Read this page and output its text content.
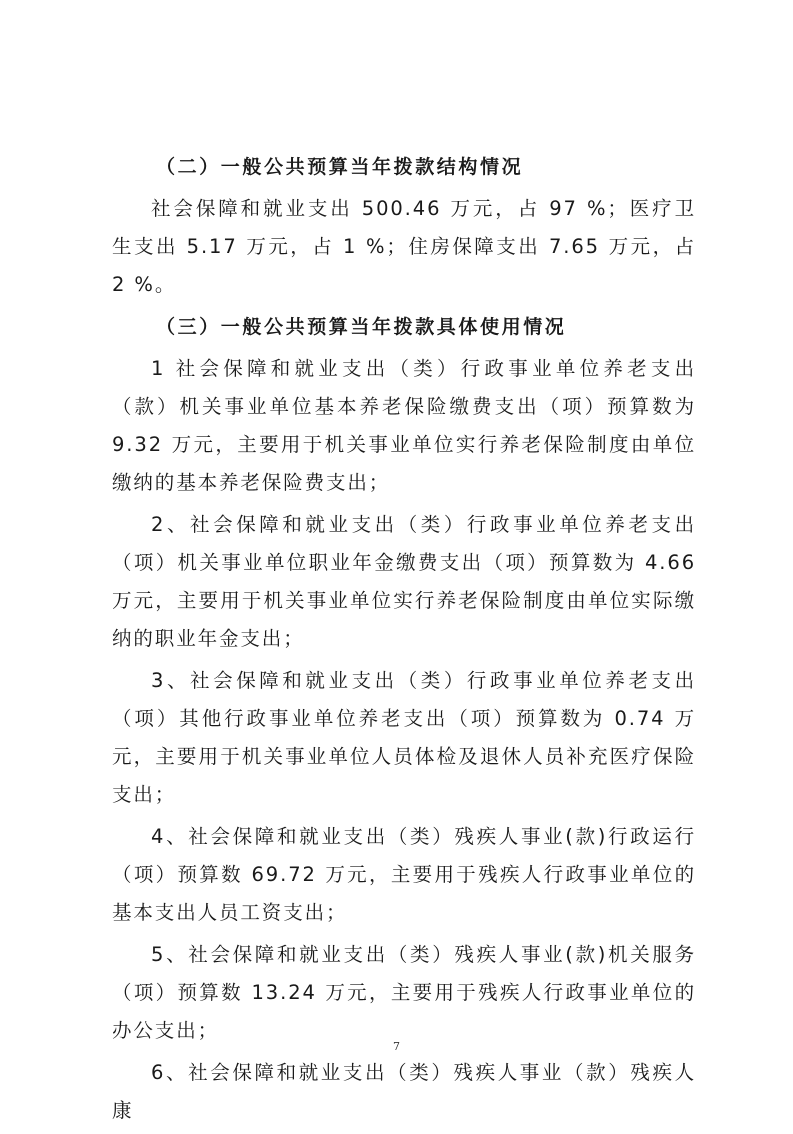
（二）一般公共预算当年拨款结构情况

社会保障和就业支出 500.46 万元，占 97 %；医疗卫生支出 5.17 万元，占 1 %；住房保障支出 7.65 万元，占 2 %。

（三）一般公共预算当年拨款具体使用情况

1 社会保障和就业支出（类）行政事业单位养老支出（款）机关事业单位基本养老保险缴费支出（项）预算数为 9.32 万元，主要用于机关事业单位实行养老保险制度由单位缴纳的基本养老保险费支出；

2、社会保障和就业支出（类）行政事业单位养老支出（项）机关事业单位职业年金缴费支出（项）预算数为 4.66 万元，主要用于机关事业单位实行养老保险制度由单位实际缴纳的职业年金支出；

3、社会保障和就业支出（类）行政事业单位养老支出（项）其他行政事业单位养老支出（项）预算数为 0.74 万元，主要用于机关事业单位人员体检及退休人员补充医疗保险支出；

4、社会保障和就业支出（类）残疾人事业(款)行政运行（项）预算数 69.72 万元，主要用于残疾人行政事业单位的基本支出人员工资支出；

5、社会保障和就业支出（类）残疾人事业(款)机关服务（项）预算数 13.24 万元，主要用于残疾人行政事业单位的办公支出；

6、社会保障和就业支出（类）残疾人事业（款）残疾人康

7
